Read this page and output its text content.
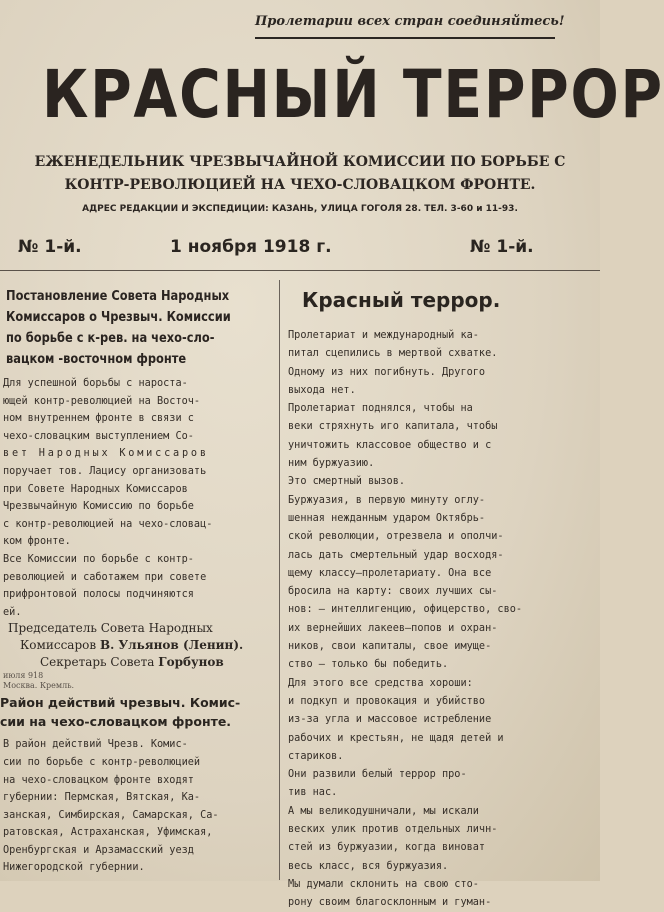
Пролетарии всех стран соединяйтесь!
КРАСНЫЙ ТЕРРОР
ЕЖЕНЕДЕЛЬНИК ЧРЕЗВЫЧАЙНОЙ КОМИССИИ ПО БОРЬБЕ С
КОНТР-РЕВОЛЮЦИЕЙ НА ЧЕХО-СЛОВАЦКОМ ФРОНТЕ.
АДРЕС РЕДАКЦИИ И ЭКСПЕДИЦИИ: КАЗАНЬ, УЛИЦА ГОГОЛЯ 28. ТЕЛ. 3-60 и 11-93.
№ 1-й.	1 ноября 1918 г.	№ 1-й.
Постановление Совета Народных
Комиссаров о Чрезвыч. Комиссии
по борьбе с к-рев. на чехо-сло-
вацком -восточном фронте
Для успешной борьбы с нароста-
ющей контр-революцией на Восточ-
ном внутреннем фронте в связи с
чехо-словацким выступлением Со-
вет Народных Комиссаров
поручает тов. Лацису организовать
при Совете Народных Комиссаров
Чрезвычайную Комиссию по борьбе
с контр-революцией на чехо-словац-
ком фронте.
Все Комиссии по борьбе с контр-
революцией и саботажем при совете
прифронтовой полосы подчиняются
ей.
Председатель Совета Народных
Комиссаров В. Ульянов (Ленин).
Секретарь Совета Горбунов
июля 918
Москва. Кремль.
Район действий чрезвыч. Комис-
сии на чехо-словацком фронте.
В район действий Чрезв. Комис-
сии по борьбе с контр-революцией
на чехо-словацком фронте входят
губернии: Пермская, Вятская, Ка-
занская, Симбирская, Самарская, Са-
ратовская, Астраханская, Уфимская,
Оренбургская и Арзамасский уезд
Нижегородской губернии.
Красный террор.
Пролетариат и международный ка-
питал сцепились в мертвой схватке.
Одному из них погибнуть. Другого
выхода нет.
Пролетариат поднялся, чтобы на
веки стряхнуть иго капитала, чтобы
уничтожить классовое общество и с
ним буржуазию.
Это смертный вызов.
Буржуазия, в первую минуту оглу-
шенная нежданным ударом Октябрь-
ской революции, отрезвела и ополчи-
лась дать смертельный удар восходя-
щему классу—пролетариату. Она все
бросила на карту: своих лучших сы-
нов: — интеллигенцию, офицерство, сво-
их вернейших лакеев—попов и охран-
ников, свои капиталы, свое имуще-
ство — только бы победить.
Для этого все средства хороши:
и подкуп и провокация и убийство
из-за угла и массовое истребление
рабочих и крестьян, не щадя детей и
стариков.
Они развили белый террор про-
тив нас.
А мы великодушничали, мы искали
веских улик против отдельных личн-
стей из буржуазии, когда виноват
весь класс, вся буржуазия.
Мы думали склонить на свою сто-
рону своим благосклонным и гуман-
